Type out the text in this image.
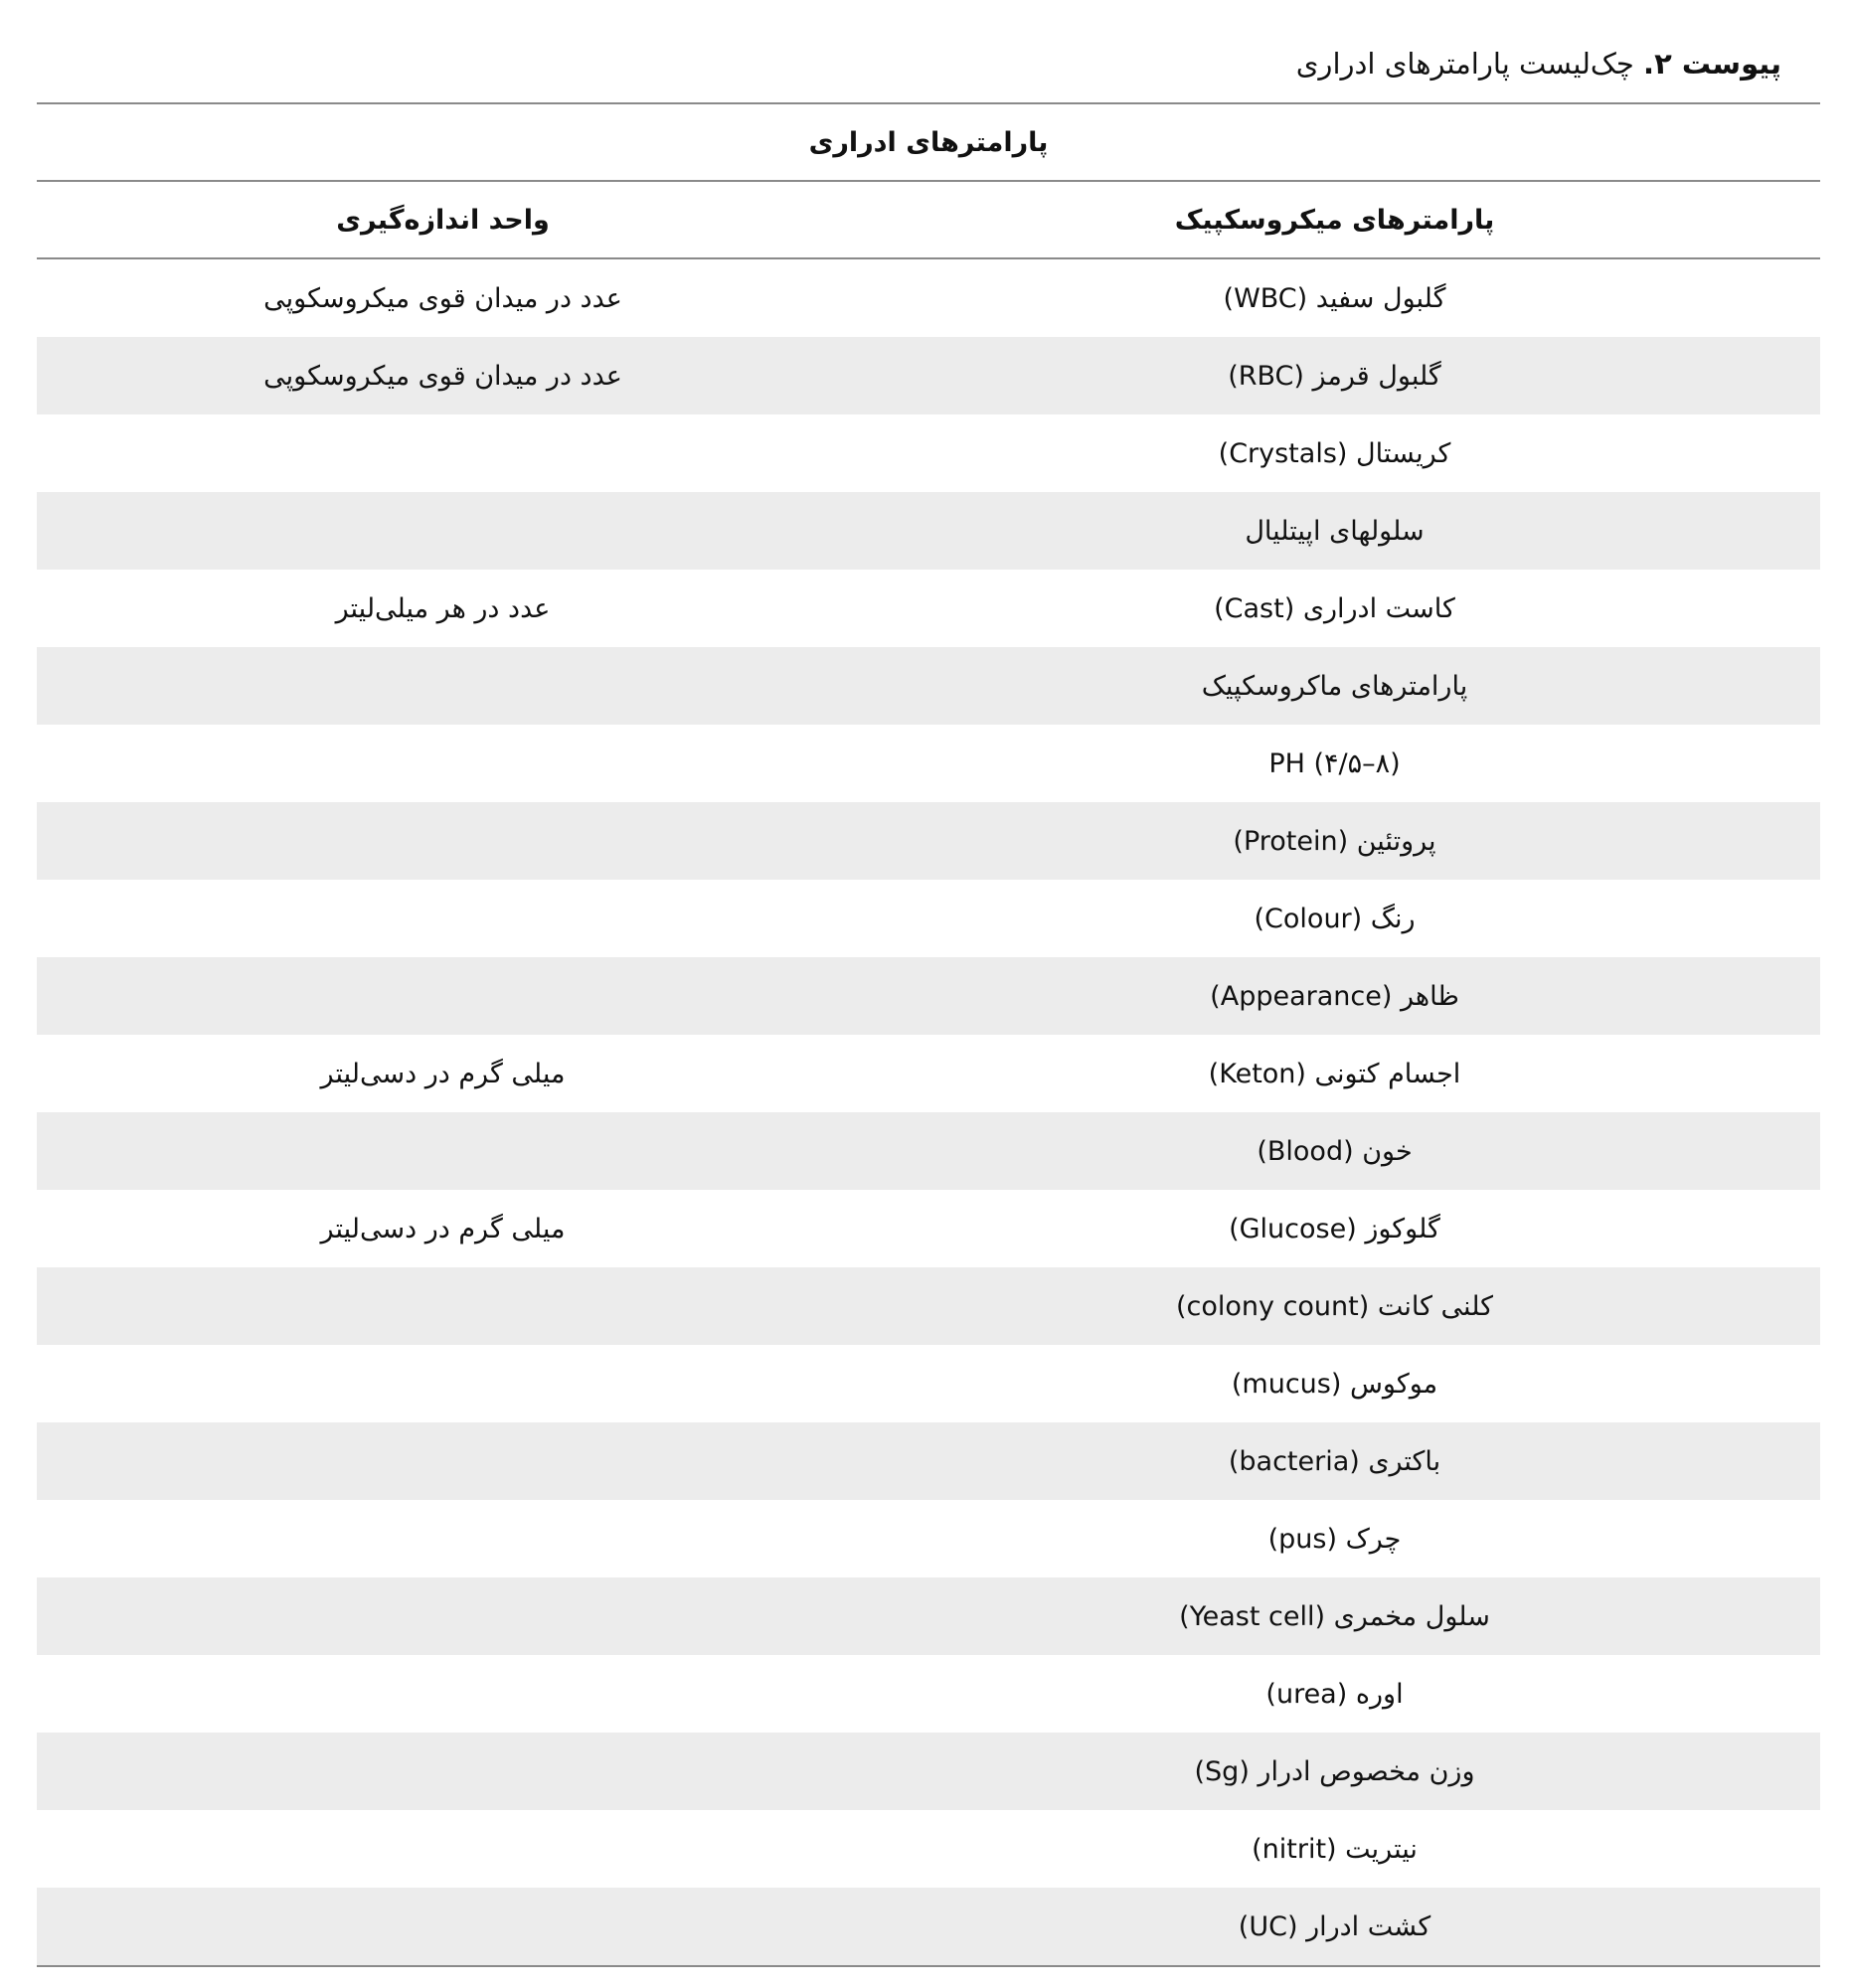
پیوست ۲. چک‌لیست پارامترهای ادراری
پارامترهای ادراری
پارامترهای میکروسکپیک
واحد اندازه‌گیری
گلبول سفید (WBC)
عدد در میدان قوی میکروسکوپی
گلبول قرمز (RBC)
عدد در میدان قوی میکروسکوپی
کریستال (Crystals)
سلولهای اپیتلیال
کاست ادراری (Cast)
عدد در هر میلی‌لیتر
پارامترهای ماکروسکپیک
PH (۴/۵–۸)
پروتئین (Protein)
رنگ (Colour)
ظاهر (Appearance)
اجسام کتونی (Keton)
میلی گرم در دسی‌لیتر
خون (Blood)
گلوکوز (Glucose)
میلی گرم در دسی‌لیتر
کلنی کانت (colony count)
موکوس (mucus)
باکتری (bacteria)
چرک (pus)
سلول مخمری (Yeast cell)
اوره (urea)
وزن مخصوص ادرار (Sg)
نیتریت (nitrit)
کشت ادرار (UC)
